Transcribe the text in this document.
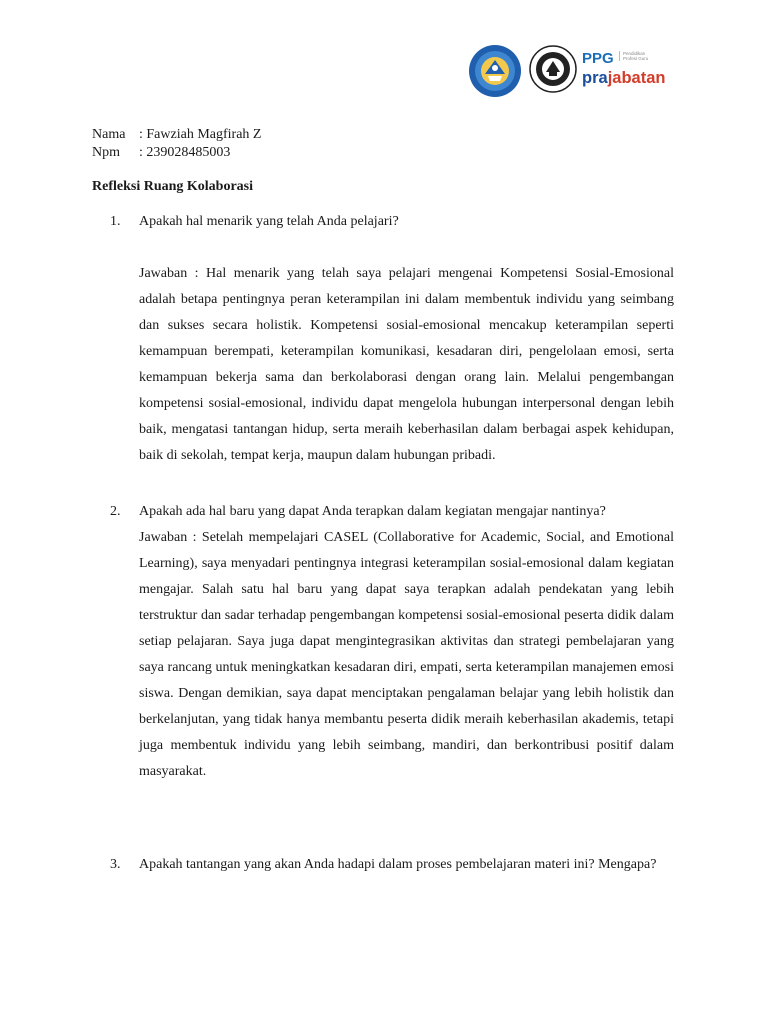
PPG	Pendidikan Profesi Guru
prajabatan
Nama : Fawziah Magfirah Z
Npm	: 239028485003
Refleksi Ruang Kolaborasi
1. Apakah hal menarik yang telah Anda pelajari?

Jawaban : Hal menarik yang telah saya pelajari mengenai Kompetensi Sosial-Emosional adalah betapa pentingnya peran keterampilan ini dalam membentuk individu yang seimbang dan sukses secara holistik. Kompetensi sosial-emosional mencakup keterampilan seperti kemampuan berempati, keterampilan komunikasi, kesadaran diri, pengelolaan emosi, serta kemampuan bekerja sama dan berkolaborasi dengan orang lain. Melalui pengembangan kompetensi sosial-emosional, individu dapat mengelola hubungan interpersonal dengan lebih baik, mengatasi tantangan hidup, serta meraih keberhasilan dalam berbagai aspek kehidupan, baik di sekolah, tempat kerja, maupun dalam hubungan pribadi.

2. Apakah ada hal baru yang dapat Anda terapkan dalam kegiatan mengajar nantinya?

Jawaban : Setelah mempelajari CASEL (Collaborative for Academic, Social, and Emotional Learning), saya menyadari pentingnya integrasi keterampilan sosial-emosional dalam kegiatan mengajar. Salah satu hal baru yang dapat saya terapkan adalah pendekatan yang lebih terstruktur dan sadar terhadap pengembangan kompetensi sosial-emosional peserta didik dalam setiap pelajaran. Saya juga dapat mengintegrasikan aktivitas dan strategi pembelajaran yang saya rancang untuk meningkatkan kesadaran diri, empati, serta keterampilan manajemen emosi siswa. Dengan demikian, saya dapat menciptakan pengalaman belajar yang lebih holistik dan berkelanjutan, yang tidak hanya membantu peserta didik meraih keberhasilan akademis, tetapi juga membentuk individu yang lebih seimbang, mandiri, dan berkontribusi positif dalam masyarakat.

3. Apakah tantangan yang akan Anda hadapi dalam proses pembelajaran materi ini? Mengapa?
